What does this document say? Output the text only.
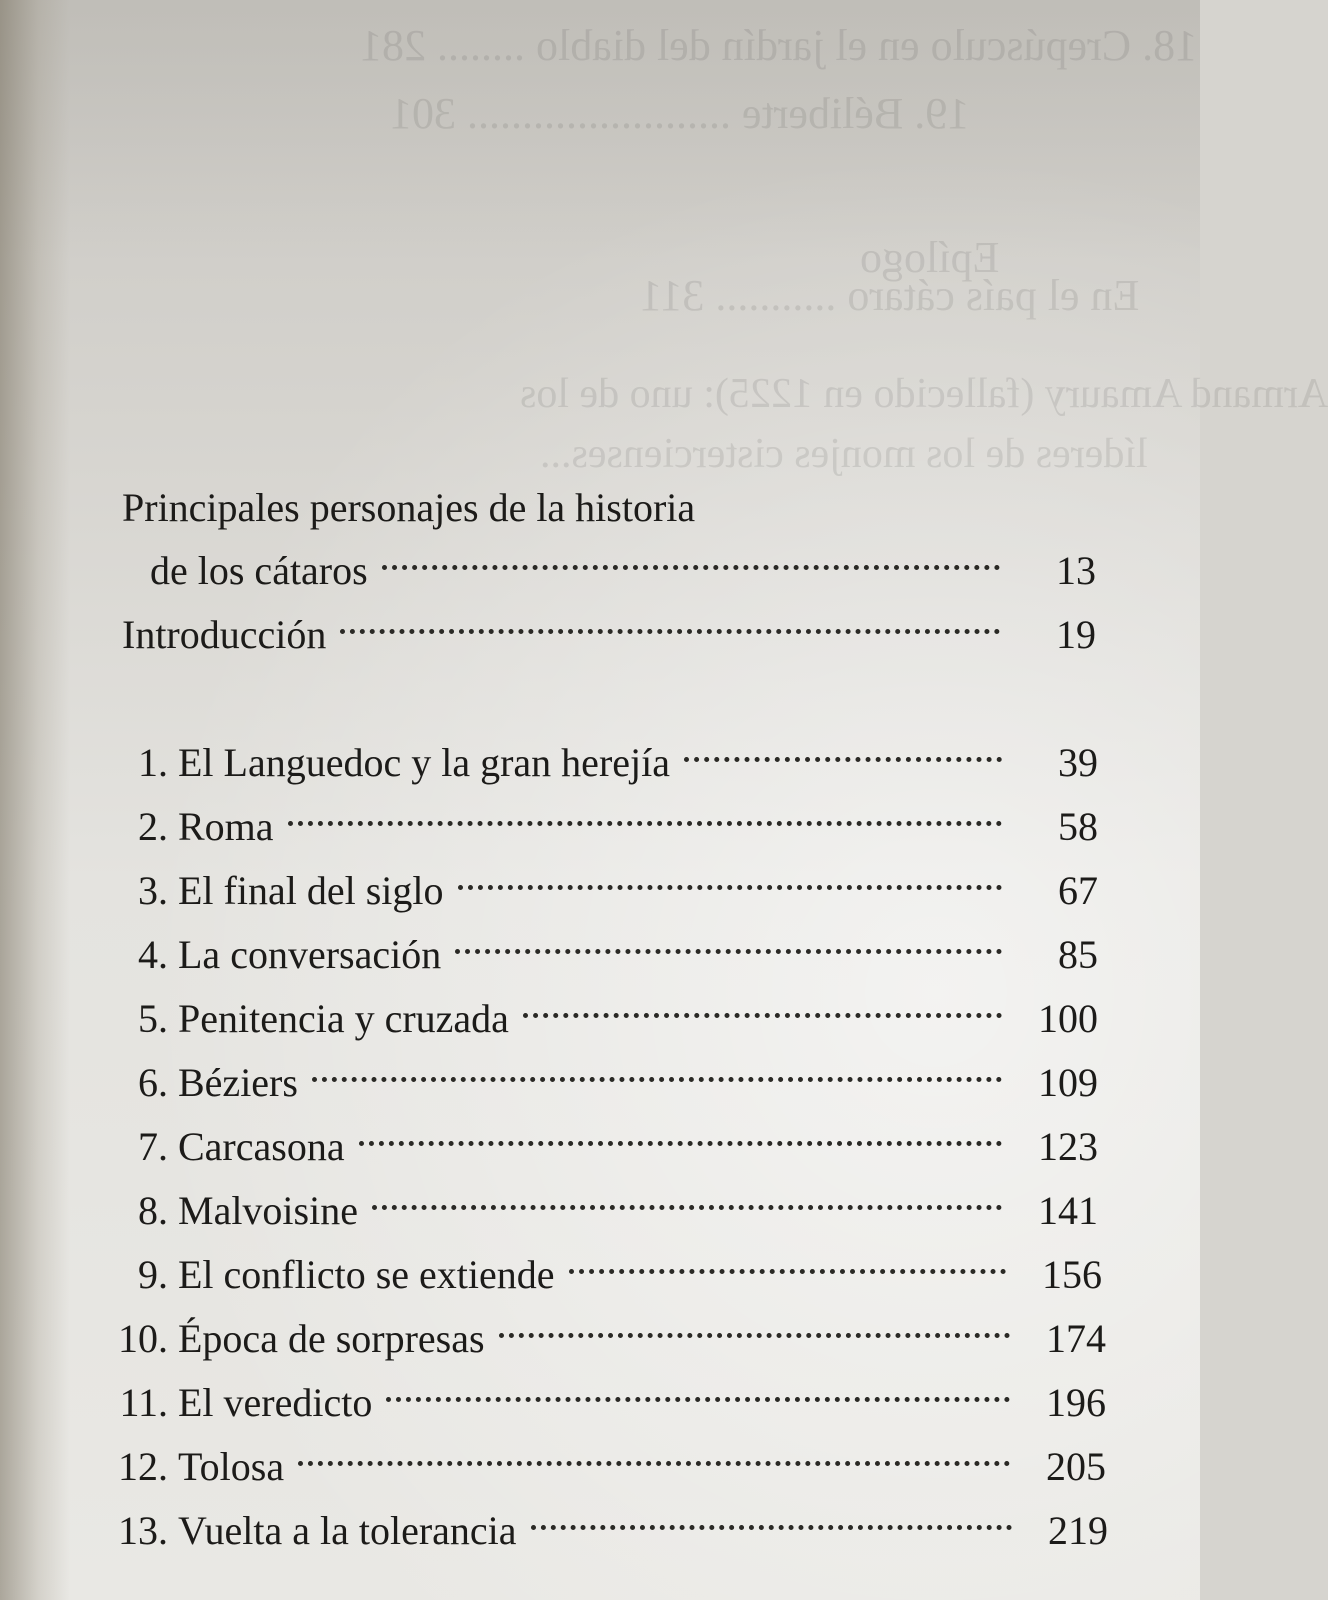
En el país cátaro ........... 311
Armand Amaury (fallecido en 1225): uno de los
líderes de los monjes cistercienses...
Principales personajes de la historia
de los cátaros	13
Introducción	19
1. El Languedoc y la gran herejía	39
2. Roma	58
3. El final del siglo	67
4. La conversación	85
5. Penitencia y cruzada	100
6. Béziers	109
7. Carcasona	123
8. Malvoisine	141
9. El conflicto se extiende	156
10. Época de sorpresas	174
11. El veredicto	196
12. Tolosa	205
13. Vuelta a la tolerancia	219
